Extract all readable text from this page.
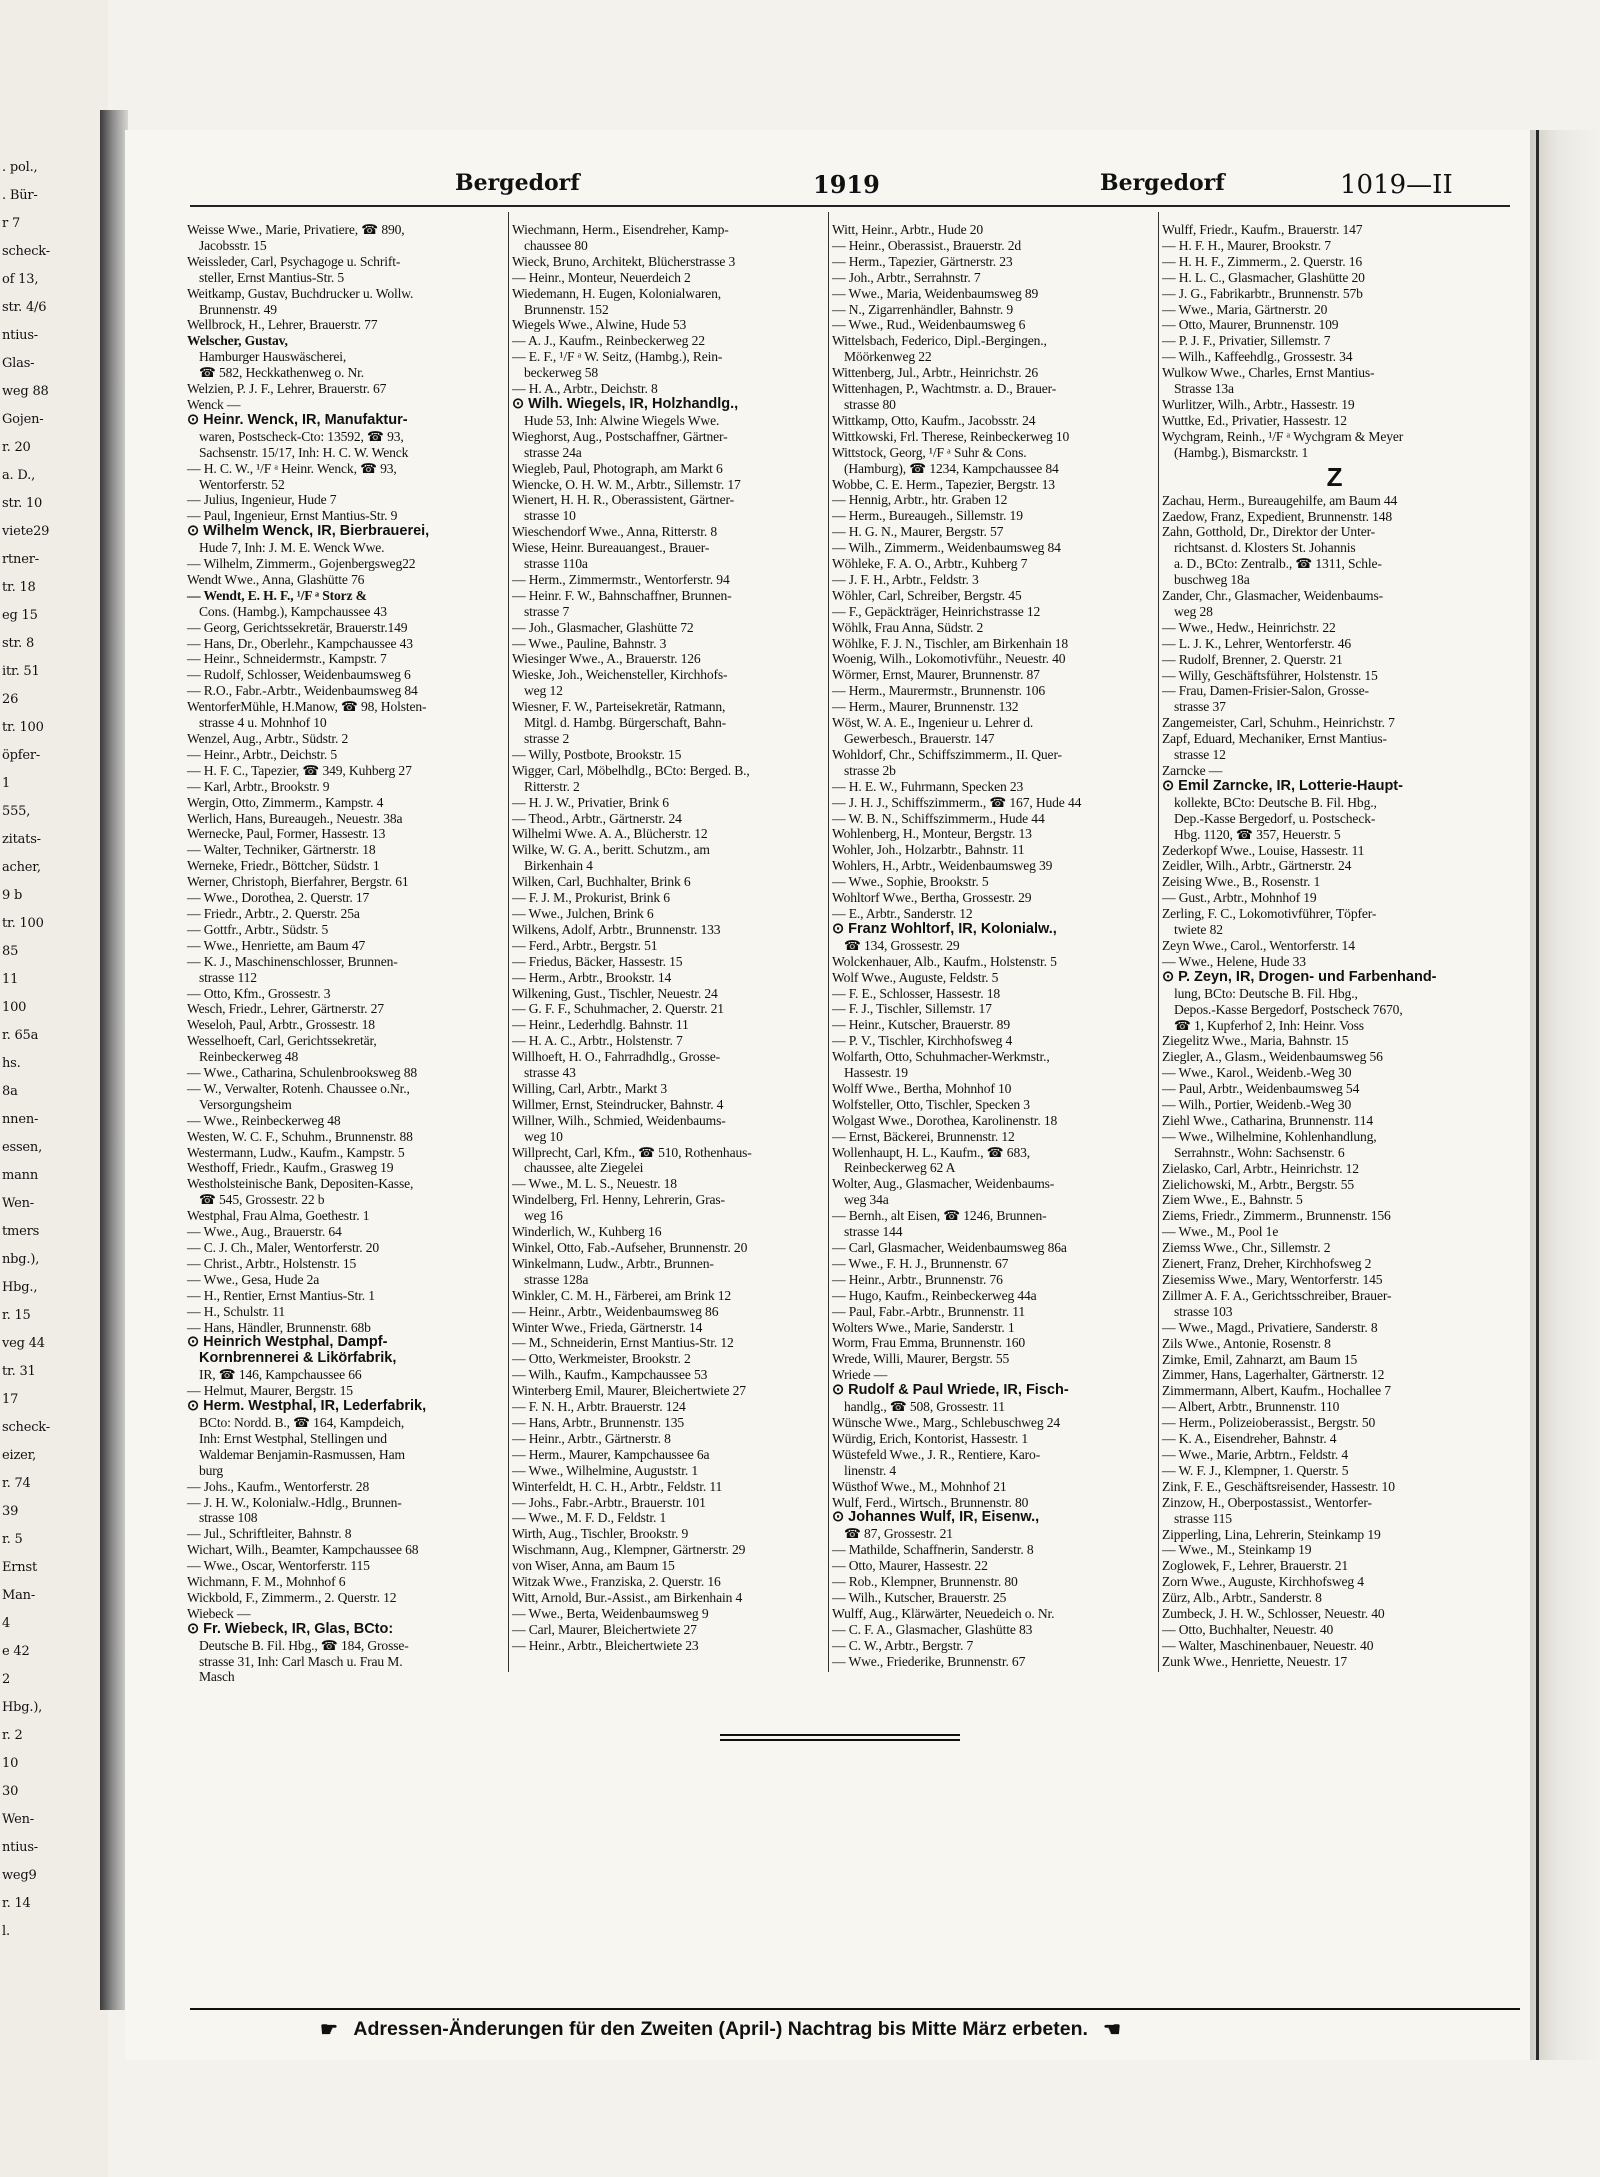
. pol.,
. Bür-
r 7
scheck-
of 13,
str. 4/6
ntius-
Glas-
weg 88
Gojen-
r. 20
a. D.,
str. 10
viete29
rtner-
tr. 18
eg 15
str. 8
itr. 51
26
tr. 100
öpfer-
1
555,
zitats-
acher,
9 b
tr. 100
85
11
100
r. 65a
hs.
8a
nnen-
essen,
mann
Wen-
tmers
nbg.),
Hbg.,
r. 15
veg 44
tr. 31
17
scheck-
eizer,
r. 74
39
r. 5
Ernst
Man-
4
e 42
2
Hbg.),
r. 2
10
30
Wen-
ntius-
weg9
r. 14
l.
Bergedorf	1919	Bergedorf	1019—II
Weisse Wwe., Marie, Privatiere, ☎ 890,
Jacobsstr. 15
Weissleder, Carl, Psychagoge u. Schrift-
steller, Ernst Mantius-Str. 5
Weitkamp, Gustav, Buchdrucker u. Wollw.
Brunnenstr. 49
Wellbrock, H., Lehrer, Brauerstr. 77
Welscher, Gustav,
Hamburger Hauswäscherei,
☎ 582, Heckkathenweg o. Nr.
Welzien, P. J. F., Lehrer, Brauerstr. 67
Wenck —
⊙ Heinr. Wenck, IR, Manufaktur-
waren, Postscheck-Cto: 13592, ☎ 93,
Sachsenstr. 15/17, Inh: H. C. W. Wenck
— H. C. W., ¹/F ᵃ Heinr. Wenck, ☎ 93,
Wentorferstr. 52
— Julius, Ingenieur, Hude 7
— Paul, Ingenieur, Ernst Mantius-Str. 9
⊙ Wilhelm Wenck, IR, Bierbrauerei,
Hude 7, Inh: J. M. E. Wenck Wwe.
— Wilhelm, Zimmerm., Gojenbergsweg22
Wendt Wwe., Anna, Glashütte 76
— Wendt, E. H. F., ¹/F ᵃ Storz &
Cons. (Hambg.), Kampchaussee 43
— Georg, Gerichtssekretär, Brauerstr.149
— Hans, Dr., Oberlehr., Kampchaussee 43
— Heinr., Schneidermstr., Kampstr. 7
— Rudolf, Schlosser, Weidenbaumsweg 6
— R.O., Fabr.-Arbtr., Weidenbaumsweg 84
WentorferMühle, H.Manow, ☎ 98, Holsten-
strasse 4 u. Mohnhof 10
Wenzel, Aug., Arbtr., Südstr. 2
— Heinr., Arbtr., Deichstr. 5
— H. F. C., Tapezier, ☎ 349, Kuhberg 27
— Karl, Arbtr., Brookstr. 9
Wergin, Otto, Zimmerm., Kampstr. 4
Werlich, Hans, Bureaugeh., Neuestr. 38a
Wernecke, Paul, Former, Hassestr. 13
— Walter, Techniker, Gärtnerstr. 18
Werneke, Friedr., Böttcher, Südstr. 1
Werner, Christoph, Bierfahrer, Bergstr. 61
— Wwe., Dorothea, 2. Querstr. 17
— Friedr., Arbtr., 2. Querstr. 25a
— Gottfr., Arbtr., Südstr. 5
— Wwe., Henriette, am Baum 47
— K. J., Maschinenschlosser, Brunnen-
strasse 112
— Otto, Kfm., Grossestr. 3
Wesch, Friedr., Lehrer, Gärtnerstr. 27
Weseloh, Paul, Arbtr., Grossestr. 18
Wesselhoeft, Carl, Gerichtssekretär,
Reinbeckerweg 48
— Wwe., Catharina, Schulenbrooksweg 88
— W., Verwalter, Rotenh. Chaussee o.Nr.,
Versorgungsheim
— Wwe., Reinbeckerweg 48
Westen, W. C. F., Schuhm., Brunnenstr. 88
Westermann, Ludw., Kaufm., Kampstr. 5
Westhoff, Friedr., Kaufm., Grasweg 19
Westholsteinische Bank, Depositen-Kasse,
☎ 545, Grossestr. 22 b
Westphal, Frau Alma, Goethestr. 1
— Wwe., Aug., Brauerstr. 64
— C. J. Ch., Maler, Wentorferstr. 20
— Christ., Arbtr., Holstenstr. 15
— Wwe., Gesa, Hude 2a
— H., Rentier, Ernst Mantius-Str. 1
— H., Schulstr. 11
— Hans, Händler, Brunnenstr. 68b
⊙ Heinrich Westphal, Dampf-
Kornbrennerei & Likörfabrik,
IR, ☎ 146, Kampchaussee 66
— Helmut, Maurer, Bergstr. 15
⊙ Herm. Westphal, IR, Lederfabrik,
BCto: Nordd. B., ☎ 164, Kampdeich,
Inh: Ernst Westphal, Stellingen und
Waldemar Benjamin-Rasmussen, Ham
burg
— Johs., Kaufm., Wentorferstr. 28
— J. H. W., Kolonialw.-Hdlg., Brunnen-
strasse 108
— Jul., Schriftleiter, Bahnstr. 8
Wichart, Wilh., Beamter, Kampchaussee 68
— Wwe., Oscar, Wentorferstr. 115
Wichmann, F. M., Mohnhof 6
Wickbold, F., Zimmerm., 2. Querstr. 12
Wiebeck —
⊙ Fr. Wiebeck, IR, Glas, BCto:
Deutsche B. Fil. Hbg., ☎ 184, Grosse-
strasse 31, Inh: Carl Masch u. Frau M.
Masch
Wiechmann, Herm., Eisendreher, Kamp-
chaussee 80
Wieck, Bruno, Architekt, Blücherstrasse 3
— Heinr., Monteur, Neuerdeich 2
Wiedemann, H. Eugen, Kolonialwaren,
Brunnenstr. 152
Wiegels Wwe., Alwine, Hude 53
— A. J., Kaufm., Reinbeckerweg 22
— E. F., ¹/F ᵃ W. Seitz, (Hambg.), Rein-
beckerweg 58
— H. A., Arbtr., Deichstr. 8
⊙ Wilh. Wiegels, IR, Holzhandlg.,
Hude 53, Inh: Alwine Wiegels Wwe.
Wieghorst, Aug., Postschaffner, Gärtner-
strasse 24a
Wiegleb, Paul, Photograph, am Markt 6
Wiencke, O. H. W. M., Arbtr., Sillemstr. 17
Wienert, H. H. R., Oberassistent, Gärtner-
strasse 10
Wieschendorf Wwe., Anna, Ritterstr. 8
Wiese, Heinr. Bureauangest., Brauer-
strasse 110a
— Herm., Zimmermstr., Wentorferstr. 94
— Heinr. F. W., Bahnschaffner, Brunnen-
strasse 7
— Joh., Glasmacher, Glashütte 72
— Wwe., Pauline, Bahnstr. 3
Wiesinger Wwe., A., Brauerstr. 126
Wieske, Joh., Weichensteller, Kirchhofs-
weg 12
Wiesner, F. W., Parteisekretär, Ratmann,
Mitgl. d. Hambg. Bürgerschaft, Bahn-
strasse 2
— Willy, Postbote, Brookstr. 15
Wigger, Carl, Möbelhdlg., BCto: Berged. B.,
Ritterstr. 2
— H. J. W., Privatier, Brink 6
— Theod., Arbtr., Gärtnerstr. 24
Wilhelmi Wwe. A. A., Blücherstr. 12
Wilke, W. G. A., beritt. Schutzm., am
Birkenhain 4
Wilken, Carl, Buchhalter, Brink 6
— F. J. M., Prokurist, Brink 6
— Wwe., Julchen, Brink 6
Wilkens, Adolf, Arbtr., Brunnenstr. 133
— Ferd., Arbtr., Bergstr. 51
— Friedus, Bäcker, Hassestr. 15
— Herm., Arbtr., Brookstr. 14
Wilkening, Gust., Tischler, Neuestr. 24
— G. F. F., Schuhmacher, 2. Querstr. 21
— Heinr., Lederhdlg. Bahnstr. 11
— H. A. C., Arbtr., Holstenstr. 7
Willhoeft, H. O., Fahrradhdlg., Grosse-
strasse 43
Willing, Carl, Arbtr., Markt 3
Willmer, Ernst, Steindrucker, Bahnstr. 4
Willner, Wilh., Schmied, Weidenbaums-
weg 10
Willprecht, Carl, Kfm., ☎ 510, Rothenhaus-
chaussee, alte Ziegelei
— Wwe., M. L. S., Neuestr. 18
Windelberg, Frl. Henny, Lehrerin, Gras-
weg 16
Winderlich, W., Kuhberg 16
Winkel, Otto, Fab.-Aufseher, Brunnenstr. 20
Winkelmann, Ludw., Arbtr., Brunnen-
strasse 128a
Winkler, C. M. H., Färberei, am Brink 12
— Heinr., Arbtr., Weidenbaumsweg 86
Winter Wwe., Frieda, Gärtnerstr. 14
— M., Schneiderin, Ernst Mantius-Str. 12
— Otto, Werkmeister, Brookstr. 2
— Wilh., Kaufm., Kampchaussee 53
Winterberg Emil, Maurer, Bleichertwiete 27
— F. N. H., Arbtr. Brauerstr. 124
— Hans, Arbtr., Brunnenstr. 135
— Heinr., Arbtr., Gärtnerstr. 8
— Herm., Maurer, Kampchaussee 6a
— Wwe., Wilhelmine, Auguststr. 1
Winterfeldt, H. C. H., Arbtr., Feldstr. 11
— Johs., Fabr.-Arbtr., Brauerstr. 101
— Wwe., M. F. D., Feldstr. 1
Wirth, Aug., Tischler, Brookstr. 9
Wischmann, Aug., Klempner, Gärtnerstr. 29
von Wiser, Anna, am Baum 15
Witzak Wwe., Franziska, 2. Querstr. 16
Witt, Arnold, Bur.-Assist., am Birkenhain 4
— Wwe., Berta, Weidenbaumsweg 9
— Carl, Maurer, Bleichertwiete 27
— Heinr., Arbtr., Bleichertwiete 23
Witt, Heinr., Arbtr., Hude 20
— Heinr., Oberassist., Brauerstr. 2d
— Herm., Tapezier, Gärtnerstr. 23
— Joh., Arbtr., Serrahnstr. 7
— Wwe., Maria, Weidenbaumsweg 89
— N., Zigarrenhändler, Bahnstr. 9
— Wwe., Rud., Weidenbaumsweg 6
Wittelsbach, Federico, Dipl.-Bergingen.,
Möörkenweg 22
Wittenberg, Jul., Arbtr., Heinrichstr. 26
Wittenhagen, P., Wachtmstr. a. D., Brauer-
strasse 80
Wittkamp, Otto, Kaufm., Jacobsstr. 24
Wittkowski, Frl. Therese, Reinbeckerweg 10
Wittstock, Georg, ¹/F ᵃ Suhr & Cons.
(Hamburg), ☎ 1234, Kampchaussee 84
Wobbe, C. E. Herm., Tapezier, Bergstr. 13
— Hennig, Arbtr., htr. Graben 12
— Herm., Bureaugeh., Sillemstr. 19
— H. G. N., Maurer, Bergstr. 57
— Wilh., Zimmerm., Weidenbaumsweg 84
Wöhleke, F. A. O., Arbtr., Kuhberg 7
— J. F. H., Arbtr., Feldstr. 3
Wöhler, Carl, Schreiber, Bergstr. 45
— F., Gepäckträger, Heinrichstrasse 12
Wöhlk, Frau Anna, Südstr. 2
Wöhlke, F. J. N., Tischler, am Birkenhain 18
Woenig, Wilh., Lokomotivführ., Neuestr. 40
Wörmer, Ernst, Maurer, Brunnenstr. 87
— Herm., Maurermstr., Brunnenstr. 106
— Herm., Maurer, Brunnenstr. 132
Wöst, W. A. E., Ingenieur u. Lehrer d.
Gewerbesch., Brauerstr. 147
Wohldorf, Chr., Schiffszimmerm., II. Quer-
strasse 2b
— H. E. W., Fuhrmann, Specken 23
— J. H. J., Schiffszimmerm., ☎ 167, Hude 44
— W. B. N., Schiffszimmerm., Hude 44
Wohlenberg, H., Monteur, Bergstr. 13
Wohler, Joh., Holzarbtr., Bahnstr. 11
Wohlers, H., Arbtr., Weidenbaumsweg 39
— Wwe., Sophie, Brookstr. 5
Wohltorf Wwe., Bertha, Grossestr. 29
— E., Arbtr., Sanderstr. 12
⊙ Franz Wohltorf, IR, Kolonialw.,
☎ 134, Grossestr. 29
Wolckenhauer, Alb., Kaufm., Holstenstr. 5
Wolf Wwe., Auguste, Feldstr. 5
— F. E., Schlosser, Hassestr. 18
— F. J., Tischler, Sillemstr. 17
— Heinr., Kutscher, Brauerstr. 89
— P. V., Tischler, Kirchhofsweg 4
Wolfarth, Otto, Schuhmacher-Werkmstr.,
Hassestr. 19
Wolff Wwe., Bertha, Mohnhof 10
Wolfsteller, Otto, Tischler, Specken 3
Wolgast Wwe., Dorothea, Karolinenstr. 18
— Ernst, Bäckerei, Brunnenstr. 12
Wollenhaupt, H. L., Kaufm., ☎ 683,
Reinbeckerweg 62 A
Wolter, Aug., Glasmacher, Weidenbaums-
weg 34a
— Bernh., alt Eisen, ☎ 1246, Brunnen-
strasse 144
— Carl, Glasmacher, Weidenbaumsweg 86a
— Wwe., F. H. J., Brunnenstr. 67
— Heinr., Arbtr., Brunnenstr. 76
— Hugo, Kaufm., Reinbeckerweg 44a
— Paul, Fabr.-Arbtr., Brunnenstr. 11
Wolters Wwe., Marie, Sanderstr. 1
Worm, Frau Emma, Brunnenstr. 160
Wrede, Willi, Maurer, Bergstr. 55
Wriede —
⊙ Rudolf & Paul Wriede, IR, Fisch-
handlg., ☎ 508, Grossestr. 11
Wünsche Wwe., Marg., Schlebuschweg 24
Würdig, Erich, Kontorist, Hassestr. 1
Wüstefeld Wwe., J. R., Rentiere, Karo-
linenstr. 4
Wüsthof Wwe., M., Mohnhof 21
Wulf, Ferd., Wirtsch., Brunnenstr. 80
⊙ Johannes Wulf, IR, Eisenw.,
☎ 87, Grossestr. 21
— Mathilde, Schaffnerin, Sanderstr. 8
— Otto, Maurer, Hassestr. 22
— Rob., Klempner, Brunnenstr. 80
— Wilh., Kutscher, Brauerstr. 25
Wulff, Aug., Klärwärter, Neuedeich o. Nr.
— C. F. A., Glasmacher, Glashütte 83
— C. W., Arbtr., Bergstr. 7
— Wwe., Friederike, Brunnenstr. 67
Wulff, Friedr., Kaufm., Brauerstr. 147
— H. F. H., Maurer, Brookstr. 7
— H. H. F., Zimmerm., 2. Querstr. 16
— H. L. C., Glasmacher, Glashütte 20
— J. G., Fabrikarbtr., Brunnenstr. 57b
— Wwe., Maria, Gärtnerstr. 20
— Otto, Maurer, Brunnenstr. 109
— P. J. F., Privatier, Sillemstr. 7
— Wilh., Kaffeehdlg., Grossestr. 34
Wulkow Wwe., Charles, Ernst Mantius-
Strasse 13a
Wurlitzer, Wilh., Arbtr., Hassestr. 19
Wuttke, Ed., Privatier, Hassestr. 12
Wychgram, Reinh., ¹/F ᵃ Wychgram & Meyer
(Hambg.), Bismarckstr. 1
Z
Zachau, Herm., Bureaugehilfe, am Baum 44
Zaedow, Franz, Expedient, Brunnenstr. 148
Zahn, Gotthold, Dr., Direktor der Unter-
richtsanst. d. Klosters St. Johannis
a. D., BCto: Zentralb., ☎ 1311, Schle-
buschweg 18a
Zander, Chr., Glasmacher, Weidenbaums-
weg 28
— Wwe., Hedw., Heinrichstr. 22
— L. J. K., Lehrer, Wentorferstr. 46
— Rudolf, Brenner, 2. Querstr. 21
— Willy, Geschäftsführer, Holstenstr. 15
— Frau, Damen-Frisier-Salon, Grosse-
strasse 37
Zangemeister, Carl, Schuhm., Heinrichstr. 7
Zapf, Eduard, Mechaniker, Ernst Mantius-
strasse 12
Zarncke —
⊙ Emil Zarncke, IR, Lotterie-Haupt-
kollekte, BCto: Deutsche B. Fil. Hbg.,
Dep.-Kasse Bergedorf, u. Postscheck-
Hbg. 1120, ☎ 357, Heuerstr. 5
Zederkopf Wwe., Louise, Hassestr. 11
Zeidler, Wilh., Arbtr., Gärtnerstr. 24
Zeising Wwe., B., Rosenstr. 1
— Gust., Arbtr., Mohnhof 19
Zerling, F. C., Lokomotivführer, Töpfer-
twiete 82
Zeyn Wwe., Carol., Wentorferstr. 14
— Wwe., Helene, Hude 33
⊙ P. Zeyn, IR, Drogen- und Farbenhand-
lung, BCto: Deutsche B. Fil. Hbg.,
Depos.-Kasse Bergedorf, Postscheck 7670,
☎ 1, Kupferhof 2, Inh: Heinr. Voss
Ziegelitz Wwe., Maria, Bahnstr. 15
Ziegler, A., Glasm., Weidenbaumsweg 56
— Wwe., Karol., Weidenb.-Weg 30
— Paul, Arbtr., Weidenbaumsweg 54
— Wilh., Portier, Weidenb.-Weg 30
Ziehl Wwe., Catharina, Brunnenstr. 114
— Wwe., Wilhelmine, Kohlenhandlung,
Serrahnstr., Wohn: Sachsenstr. 6
Zielasko, Carl, Arbtr., Heinrichstr. 12
Zielichowski, M., Arbtr., Bergstr. 55
Ziem Wwe., E., Bahnstr. 5
Ziems, Friedr., Zimmerm., Brunnenstr. 156
— Wwe., M., Pool 1e
Ziemss Wwe., Chr., Sillemstr. 2
Zienert, Franz, Dreher, Kirchhofsweg 2
Ziesemiss Wwe., Mary, Wentorferstr. 145
Zillmer A. F. A., Gerichtsschreiber, Brauer-
strasse 103
— Wwe., Magd., Privatiere, Sanderstr. 8
Zils Wwe., Antonie, Rosenstr. 8
Zimke, Emil, Zahnarzt, am Baum 15
Zimmer, Hans, Lagerhalter, Gärtnerstr. 12
Zimmermann, Albert, Kaufm., Hochallee 7
— Albert, Arbtr., Brunnenstr. 110
— Herm., Polizeioberassist., Bergstr. 50
— K. A., Eisendreher, Bahnstr. 4
— Wwe., Marie, Arbtrn., Feldstr. 4
— W. F. J., Klempner, 1. Querstr. 5
Zink, F. E., Geschäftsreisender, Hassestr. 10
Zinzow, H., Oberpostassist., Wentorfer-
strasse 115
Zipperling, Lina, Lehrerin, Steinkamp 19
— Wwe., M., Steinkamp 19
Zoglowek, F., Lehrer, Brauerstr. 21
Zorn Wwe., Auguste, Kirchhofsweg 4
Zürz, Alb., Arbtr., Sanderstr. 8
Zumbeck, J. H. W., Schlosser, Neuestr. 40
— Otto, Buchhalter, Neuestr. 40
— Walter, Maschinenbauer, Neuestr. 40
Zunk Wwe., Henriette, Neuestr. 17
☛ Adressen-Änderungen für den Zweiten (April-) Nachtrag bis Mitte März erbeten. ☛
